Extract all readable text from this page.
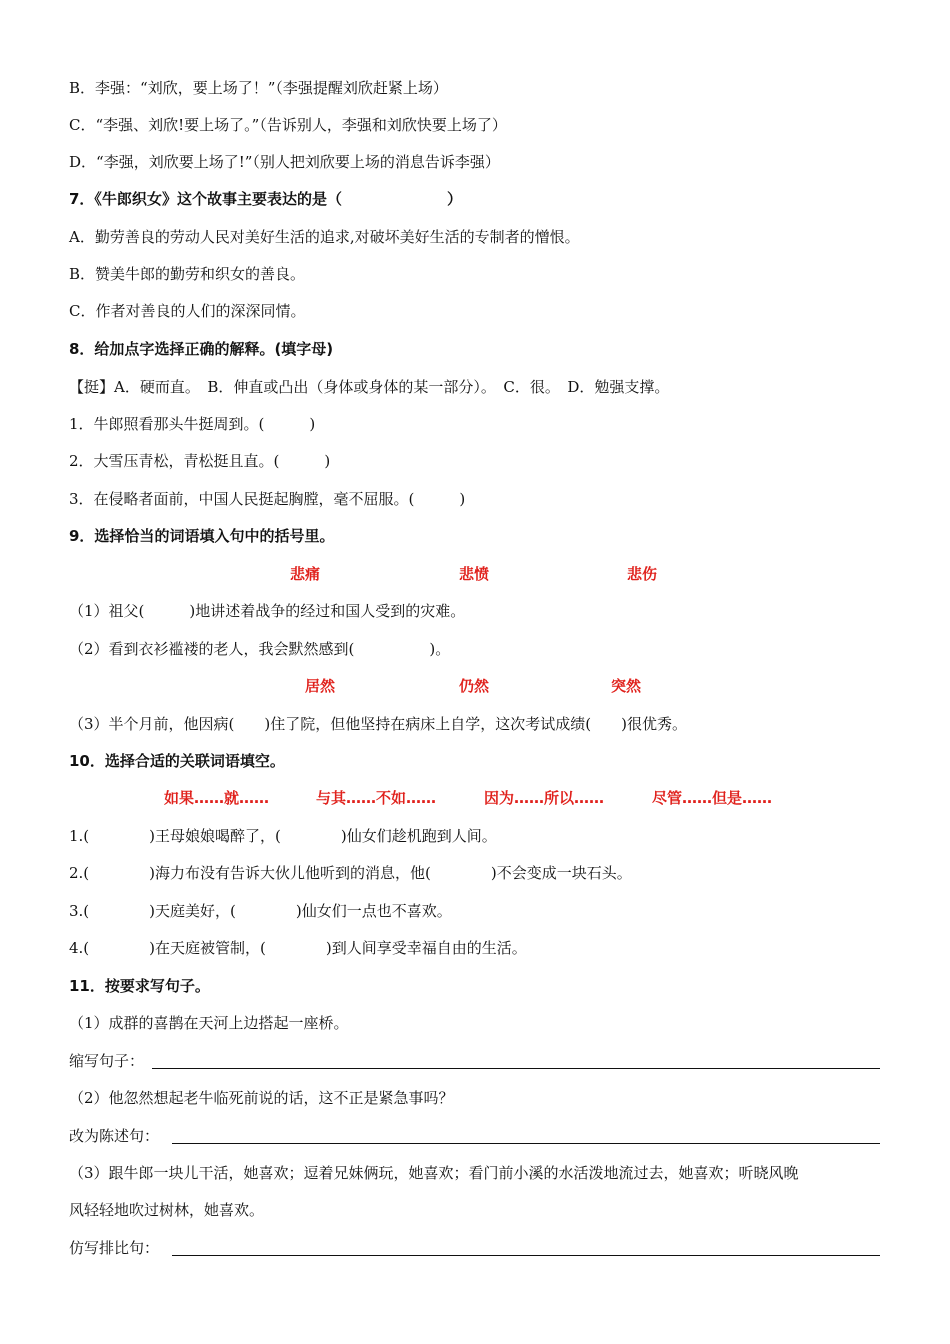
B．李强：“刘欣，要上场了！”（李强提醒刘欣赶紧上场）
C．“李强、刘欣!要上场了。”（告诉别人，李强和刘欣快要上场了）
D．“李强，刘欣要上场了!”（别人把刘欣要上场的消息告诉李强）
7．《牛郎织女》这个故事主要表达的是（　　　　　　　）
A．勤劳善良的劳动人民对美好生活的追求,对破坏美好生活的专制者的憎恨。
B．赞美牛郎的勤劳和织女的善良。
C．作者对善良的人们的深深同情。
8．给加点字选择正确的解释。(填字母)
【挺】A．硬而直。　B．伸直或凸出（身体或身体的某一部分）。　C．很。　D．勉强支撑。
1．牛郎照看那头牛挺周到。(　　　)
2．大雪压青松，青松挺且直。(　　　)
3．在侵略者面前，中国人民挺起胸膛，毫不屈服。(　　　)
9．选择恰当的词语填入句中的括号里。
悲痛	悲愤	悲伤
（1）祖父(　　　)地讲述着战争的经过和国人受到的灾难。
（2）看到衣衫褴褛的老人，我会默然感到(　　　　　)。
居然	仍然	突然
（3）半个月前，他因病(　　)住了院，但他坚持在病床上自学，这次考试成绩(　　)很优秀。
10．选择合适的关联词语填空。
如果……就……	与其……不如……	因为……所以……	尽管……但是……
1.(　　　　)王母娘娘喝醉了，(　　　　)仙女们趁机跑到人间。
2.(　　　　)海力布没有告诉大伙儿他听到的消息，他(　　　　)不会变成一块石头。
3.(　　　　)天庭美好，(　　　　)仙女们一点也不喜欢。
4.(　　　　)在天庭被管制，(　　　　)到人间享受幸福自由的生活。
11．按要求写句子。
（1）成群的喜鹊在天河上边搭起一座桥。
缩写句子：
（2）他忽然想起老牛临死前说的话，这不正是紧急事吗？
改为陈述句：
（3）跟牛郎一块儿干活，她喜欢；逗着兄妹俩玩，她喜欢；看门前小溪的水活泼地流过去，她喜欢；听晓风晚
风轻轻地吹过树林，她喜欢。
仿写排比句：
